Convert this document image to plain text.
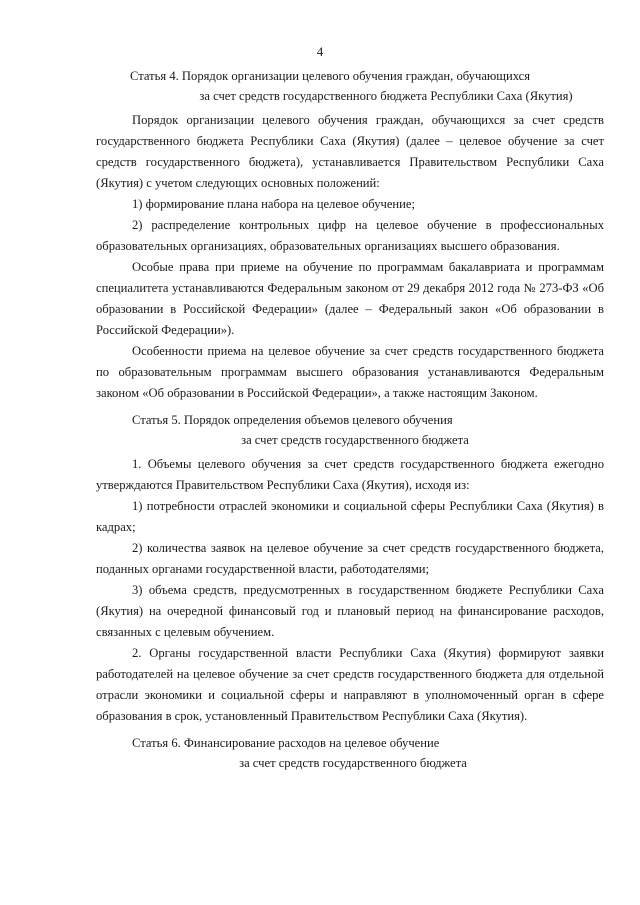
4
Статья 4. Порядок организации целевого обучения граждан, обучающихся
за счет средств государственного бюджета Республики Саха (Якутия)

Порядок организации целевого обучения граждан, обучающихся за счет средств государственного бюджета Республики Саха (Якутия) (далее – целевое обучение за счет средств государственного бюджета), устанавливается Правительством Республики Саха (Якутия) с учетом следующих основных положений:

1) формирование плана набора на целевое обучение;

2) распределение контрольных цифр на целевое обучение в профессиональных образовательных организациях, образовательных организациях высшего образования.

Особые права при приеме на обучение по программам бакалавриата и программам специалитета устанавливаются Федеральным законом от 29 декабря 2012 года № 273-ФЗ «Об образовании в Российской Федерации» (далее – Федеральный закон «Об образовании в Российской Федерации»).

Особенности приема на целевое обучение за счет средств государственного бюджета по образовательным программам высшего образования устанавливаются Федеральным законом «Об образовании в Российской Федерации», а также настоящим Законом.

Статья 5. Порядок определения объемов целевого обучения
за счет средств государственного бюджета

1. Объемы целевого обучения за счет средств государственного бюджета ежегодно утверждаются Правительством Республики Саха (Якутия), исходя из:

1) потребности отраслей экономики и социальной сферы Республики Саха (Якутия) в кадрах;

2) количества заявок на целевое обучение за счет средств государственного бюджета, поданных органами государственной власти, работодателями;

3) объема средств, предусмотренных в государственном бюджете Республики Саха (Якутия) на очередной финансовый год и плановый период на финансирование расходов, связанных с целевым обучением.

2. Органы государственной власти Республики Саха (Якутия) формируют заявки работодателей на целевое обучение за счет средств государственного бюджета для отдельной отрасли экономики и социальной сферы и направляют в уполномоченный орган в сфере образования в срок, установленный Правительством Республики Саха (Якутия).

Статья 6. Финансирование расходов на целевое обучение
за счет средств государственного бюджета
